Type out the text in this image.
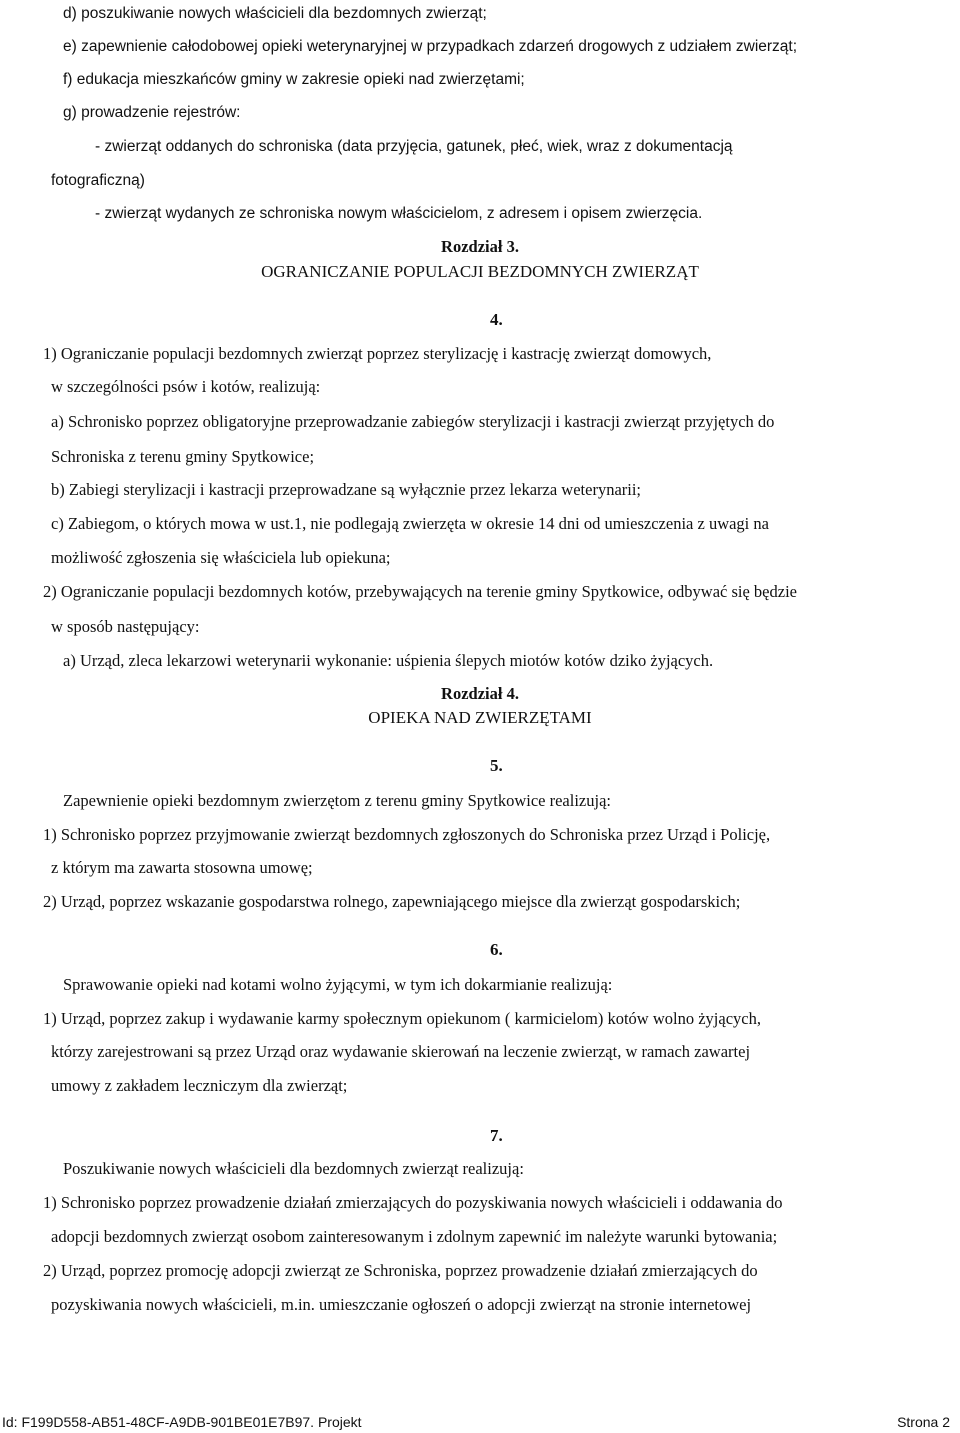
d) poszukiwanie nowych właścicieli dla bezdomnych zwierząt;
e) zapewnienie całodobowej opieki weterynaryjnej w przypadkach zdarzeń drogowych z udziałem zwierząt;
f) edukacja mieszkańców gminy w zakresie opieki nad zwierzętami;
g) prowadzenie rejestrów:
- zwierząt oddanych do schroniska (data przyjęcia, gatunek, płeć, wiek, wraz z dokumentacją
fotograficzną)
- zwierząt wydanych ze schroniska nowym właścicielom, z adresem i opisem zwierzęcia.
Rozdział 3.
OGRANICZANIE POPULACJI BEZDOMNYCH ZWIERZĄT
4.
1) Ograniczanie populacji bezdomnych zwierząt poprzez sterylizację i kastrację zwierząt domowych,
w szczególności psów i kotów, realizują:
a) Schronisko poprzez obligatoryjne przeprowadzanie zabiegów sterylizacji i kastracji zwierząt przyjętych do
Schroniska z terenu gminy Spytkowice;
b) Zabiegi sterylizacji i kastracji przeprowadzane są wyłącznie przez lekarza weterynarii;
c) Zabiegom, o których mowa w ust.1, nie podlegają zwierzęta w okresie 14 dni od umieszczenia z uwagi na
możliwość zgłoszenia się właściciela lub opiekuna;
2) Ograniczanie populacji bezdomnych kotów, przebywających na terenie gminy Spytkowice, odbywać się będzie
w sposób następujący:
a) Urząd, zleca lekarzowi weterynarii wykonanie: uśpienia ślepych miotów kotów dziko żyjących.
Rozdział 4.
OPIEKA NAD ZWIERZĘTAMI
5.
Zapewnienie opieki bezdomnym zwierzętom z terenu gminy Spytkowice realizują:
1) Schronisko poprzez przyjmowanie zwierząt bezdomnych zgłoszonych do Schroniska przez Urząd i Policję,
z którym ma zawarta stosowna umowę;
2) Urząd, poprzez wskazanie gospodarstwa rolnego, zapewniającego miejsce dla zwierząt gospodarskich;
6.
Sprawowanie opieki nad kotami wolno żyjącymi, w tym ich dokarmianie realizują:
1) Urząd, poprzez zakup i wydawanie karmy społecznym opiekunom ( karmicielom) kotów wolno żyjących,
którzy zarejestrowani są przez Urząd oraz wydawanie skierowań na leczenie zwierząt, w ramach zawartej
umowy z zakładem leczniczym dla zwierząt;
7.
Poszukiwanie nowych właścicieli dla bezdomnych zwierząt realizują:
1) Schronisko poprzez prowadzenie działań zmierzających do pozyskiwania nowych właścicieli i oddawania do
adopcji bezdomnych zwierząt osobom zainteresowanym i zdolnym zapewnić im należyte warunki bytowania;
2) Urząd, poprzez promocję adopcji zwierząt ze Schroniska, poprzez prowadzenie działań zmierzających do
pozyskiwania nowych właścicieli, m.in. umieszczanie ogłoszeń o adopcji zwierząt na stronie internetowej
Id: F199D558-AB51-48CF-A9DB-901BE01E7B97. Projekt	Strona 2
